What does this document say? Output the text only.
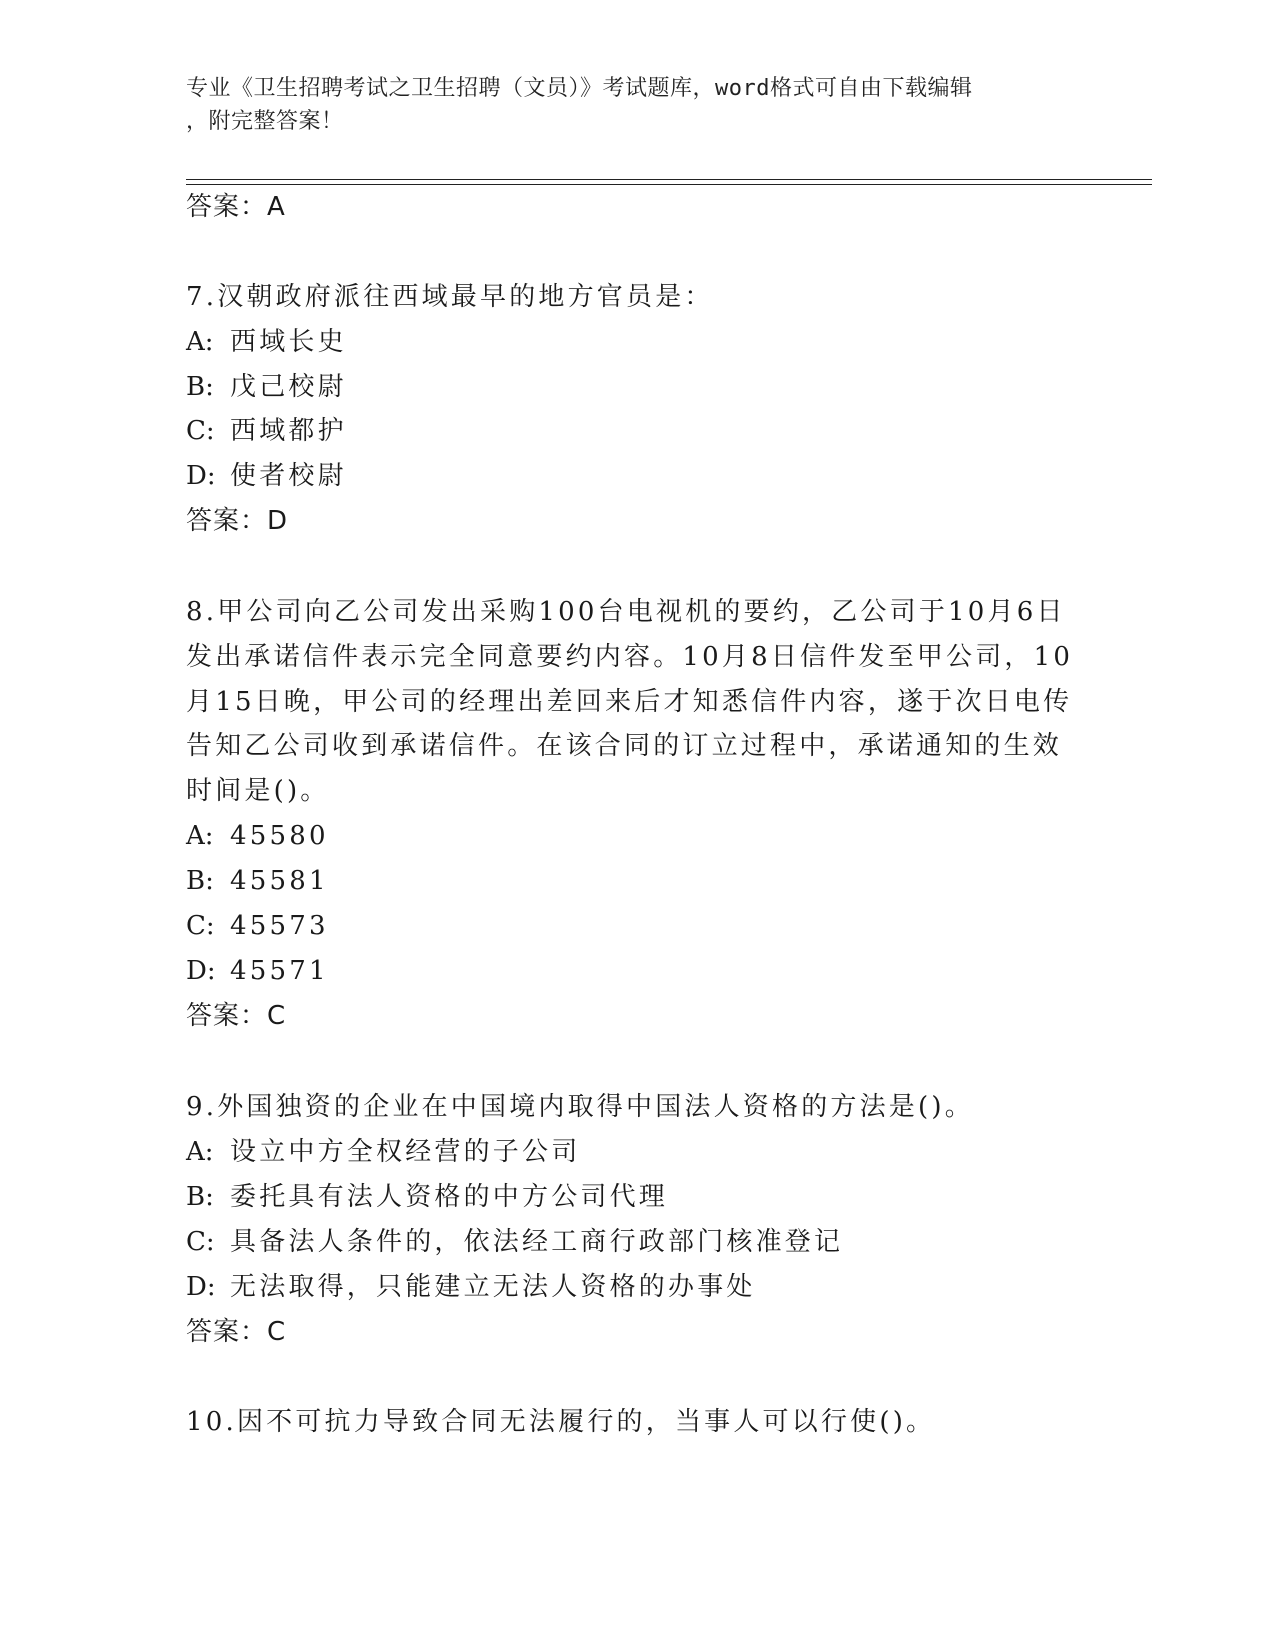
专业《卫生招聘考试之卫生招聘（文员）》考试题库，word格式可自由下载编辑
，附完整答案！
答案：A
7.汉朝政府派往西域最早的地方官员是：
A: 西域长史
B: 戊己校尉
C: 西域都护
D: 使者校尉
答案：D
8.甲公司向乙公司发出采购100台电视机的要约，乙公司于10月6日
发出承诺信件表示完全同意要约内容。10月8日信件发至甲公司，10
月15日晚，甲公司的经理出差回来后才知悉信件内容，遂于次日电传
告知乙公司收到承诺信件。在该合同的订立过程中，承诺通知的生效
时间是()。
A: 45580
B: 45581
C: 45573
D: 45571
答案：C
9.外国独资的企业在中国境内取得中国法人资格的方法是()。
A: 设立中方全权经营的子公司
B: 委托具有法人资格的中方公司代理
C: 具备法人条件的，依法经工商行政部门核准登记
D: 无法取得，只能建立无法人资格的办事处
答案：C
10.因不可抗力导致合同无法履行的，当事人可以行使()。
